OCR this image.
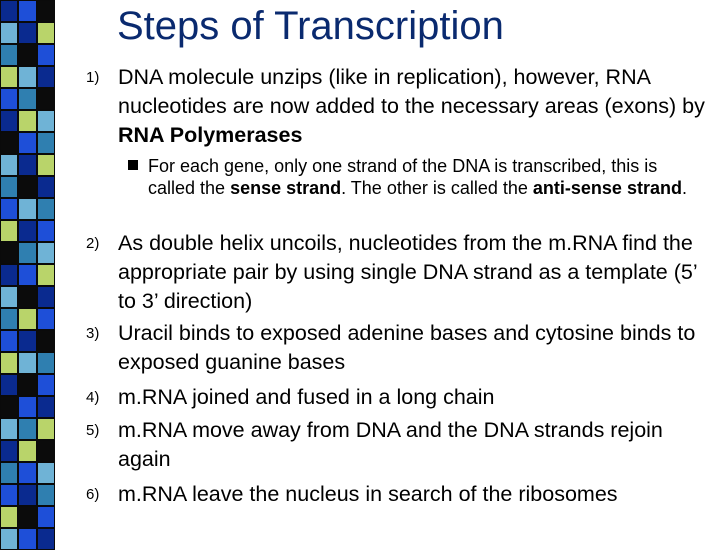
Steps of Transcription
1) DNA molecule unzips (like in replication), however, RNA nucleotides are now added to the necessary areas (exons) by RNA Polymerases
For each gene, only one strand of the DNA is transcribed, this is called the sense strand. The other is called the anti-sense strand.
2) As double helix uncoils, nucleotides from the m.RNA find the appropriate pair by using single DNA strand as a template (5’ to 3’ direction)
3) Uracil binds to exposed adenine bases and cytosine binds to exposed guanine bases
4) m.RNA joined and fused in a long chain
5) m.RNA move away from DNA and the DNA strands rejoin again
6) m.RNA leave the nucleus in search of the ribosomes
